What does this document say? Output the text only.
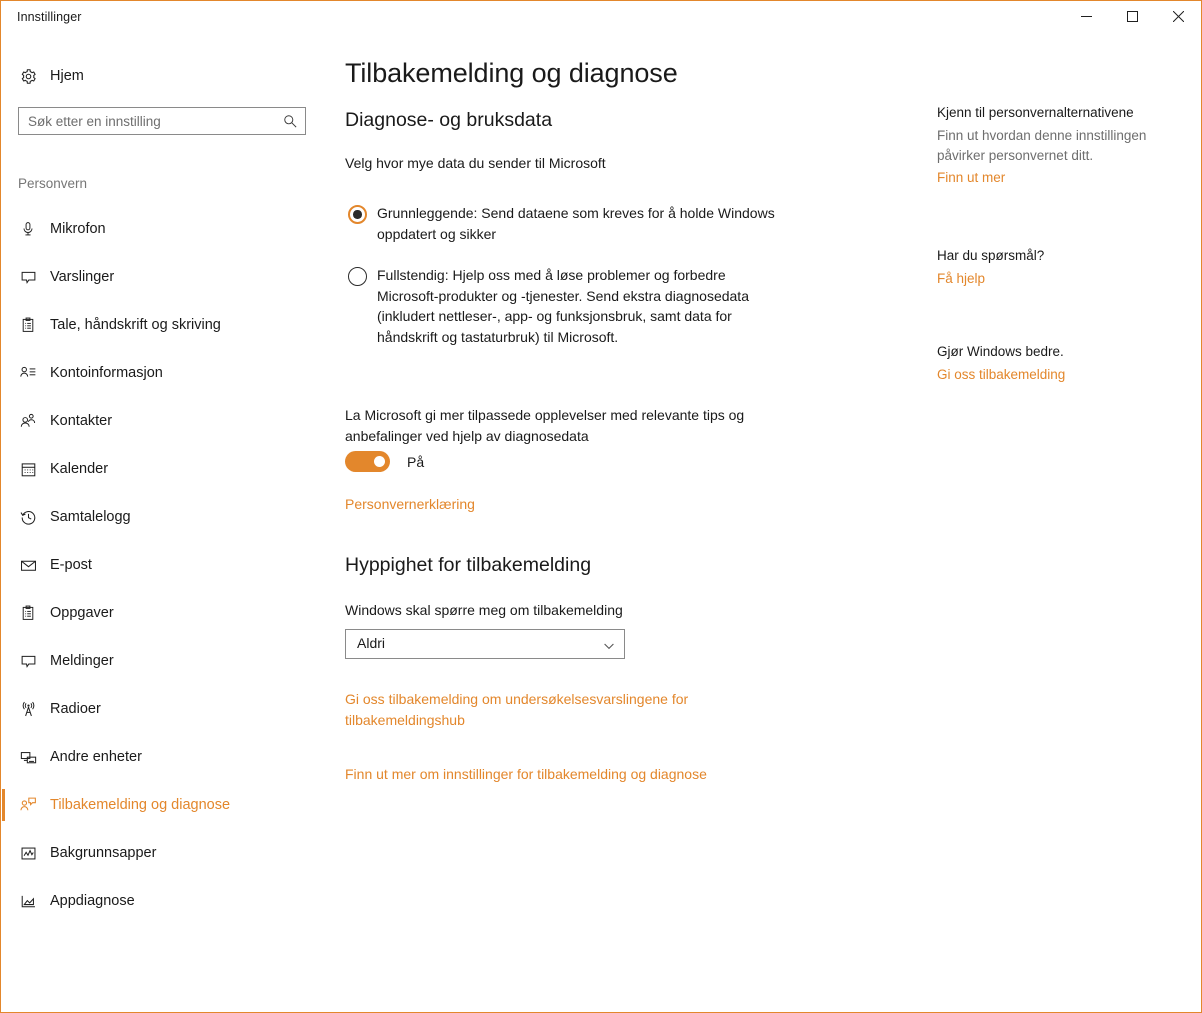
Innstillinger
Hjem
Søk etter en innstilling
Personvern
Mikrofon
Varslinger
Tale, håndskrift og skriving
Kontoinformasjon
Kontakter
Kalender
Samtalelogg
E-post
Oppgaver
Meldinger
Radioer
Andre enheter
Tilbakemelding og diagnose
Bakgrunnsapper
Appdiagnose
Tilbakemelding og diagnose
Diagnose- og bruksdata
Velg hvor mye data du sender til Microsoft
Grunnleggende: Send dataene som kreves for å holde Windows oppdatert og sikker
Fullstendig: Hjelp oss med å løse problemer og forbedre Microsoft-produkter og -tjenester. Send ekstra diagnosedata (inkludert nettleser-, app- og funksjonsbruk, samt data for håndskrift og tastaturbruk) til Microsoft.
La Microsoft gi mer tilpassede opplevelser med relevante tips og anbefalinger ved hjelp av diagnosedata
På
Personvernerklæring
Hyppighet for tilbakemelding
Windows skal spørre meg om tilbakemelding
Aldri
Gi oss tilbakemelding om undersøkelsesvarslingene for tilbakemeldingshub
Finn ut mer om innstillinger for tilbakemelding og diagnose
Kjenn til personvernalternativene
Finn ut hvordan denne innstillingen påvirker personvernet ditt.
Finn ut mer
Har du spørsmål?
Få hjelp
Gjør Windows bedre.
Gi oss tilbakemelding
